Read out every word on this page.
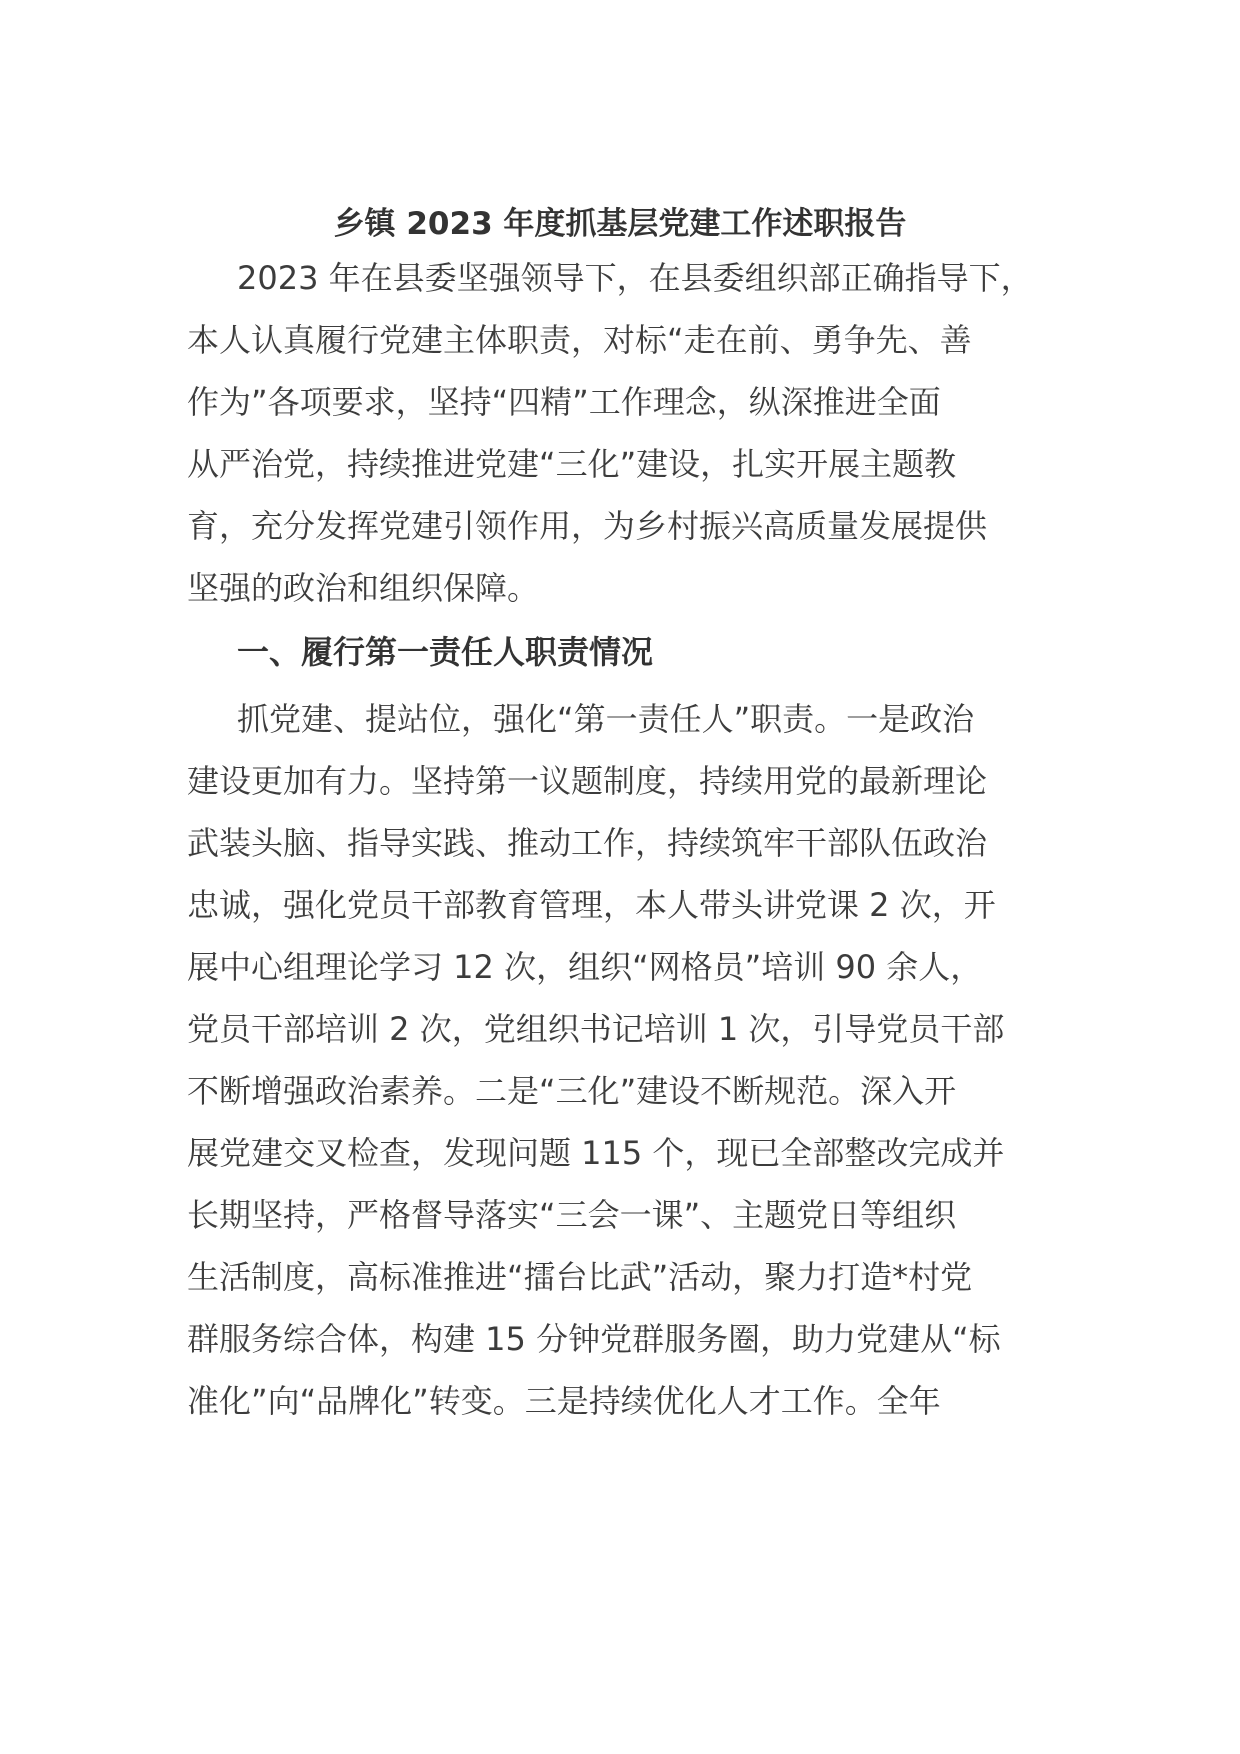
乡镇 2023 年度抓基层党建工作述职报告
2023 年在县委坚强领导下，在县委组织部正确指导下，
本人认真履行党建主体职责，对标“走在前、勇争先、善
作为”各项要求，坚持“四精”工作理念，纵深推进全面
从严治党，持续推进党建“三化”建设，扎实开展主题教
育，充分发挥党建引领作用，为乡村振兴高质量发展提供
坚强的政治和组织保障。
一、履行第一责任人职责情况
抓党建、提站位，强化“第一责任人”职责。一是政治
建设更加有力。坚持第一议题制度，持续用党的最新理论
武装头脑、指导实践、推动工作，持续筑牢干部队伍政治
忠诚，强化党员干部教育管理，本人带头讲党课 2 次，开
展中心组理论学习 12 次，组织“网格员”培训 90 余人，
党员干部培训 2 次，党组织书记培训 1 次，引导党员干部
不断增强政治素养。二是“三化”建设不断规范。深入开
展党建交叉检查，发现问题 115 个，现已全部整改完成并
长期坚持，严格督导落实“三会一课”、主题党日等组织
生活制度，高标准推进“擂台比武”活动，聚力打造*村党
群服务综合体，构建 15 分钟党群服务圈，助力党建从“标
准化”向“品牌化”转变。三是持续优化人才工作。全年
